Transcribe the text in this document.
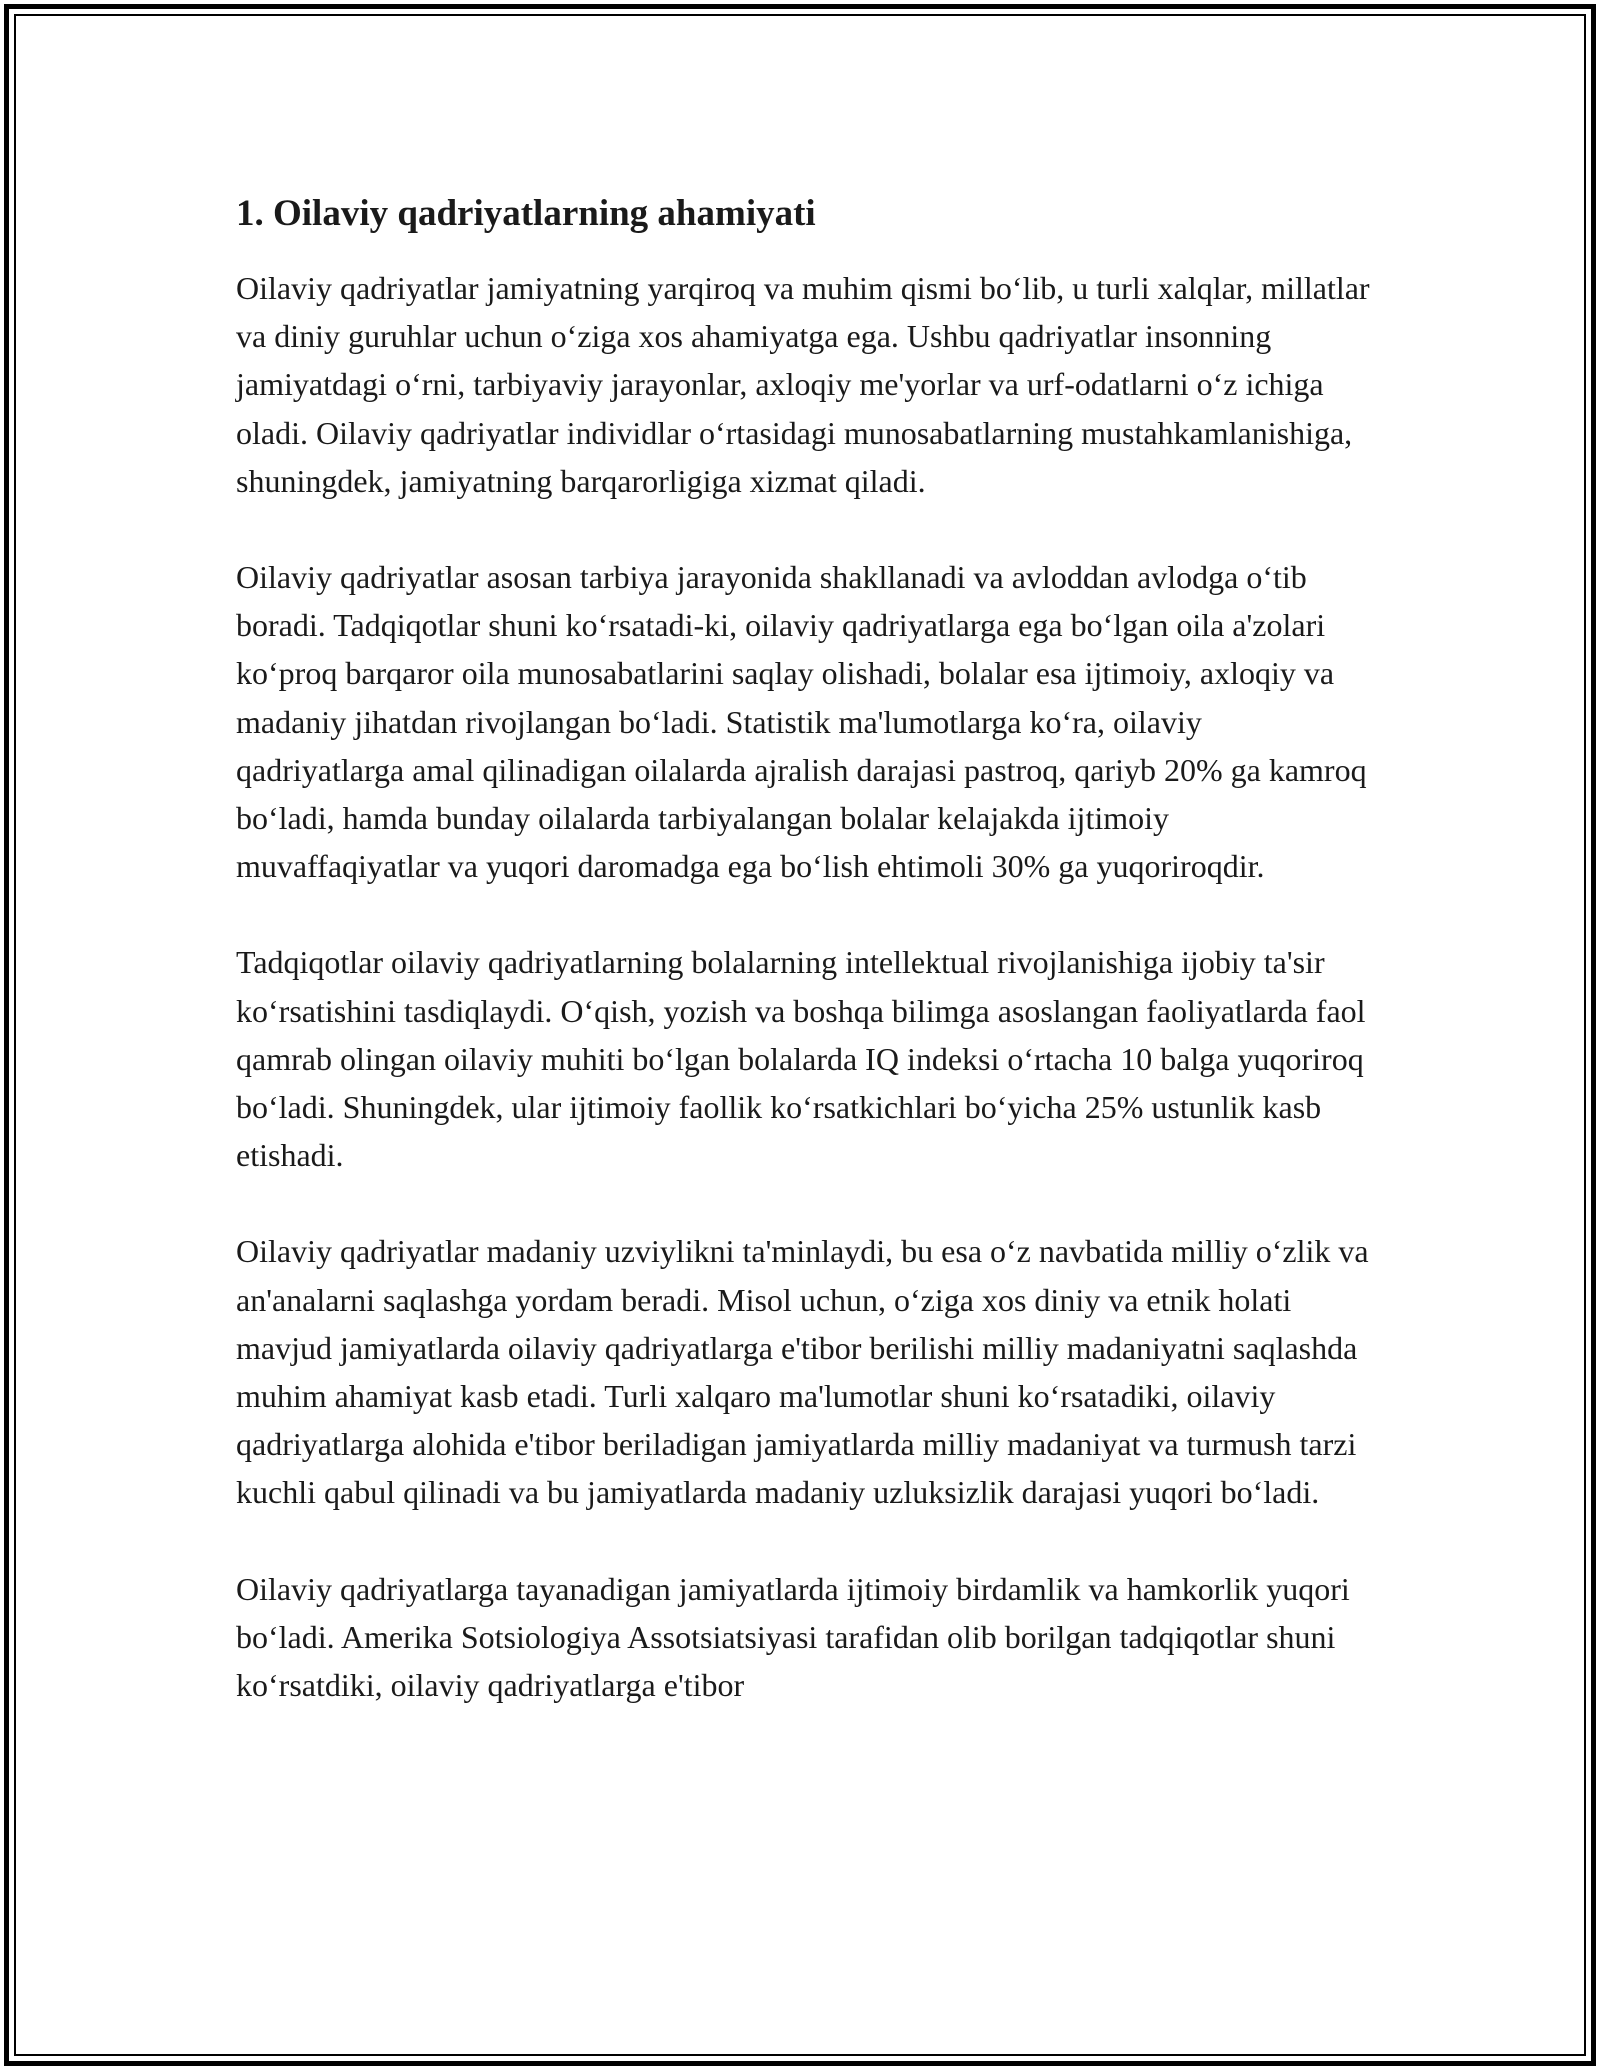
1. Oilaviy qadriyatlarning ahamiyati

Oilaviy qadriyatlar jamiyatning yarqiroq va muhim qismi bo‘lib, u turli xalqlar, millatlar va diniy guruhlar uchun o‘ziga xos ahamiyatga ega. Ushbu qadriyatlar insonning jamiyatdagi o‘rni, tarbiyaviy jarayonlar, axloqiy me'yorlar va urf-odatlarni o‘z ichiga oladi. Oilaviy qadriyatlar individlar o‘rtasidagi munosabatlarning mustahkamlanishiga, shuningdek, jamiyatning barqarorligiga xizmat qiladi.

Oilaviy qadriyatlar asosan tarbiya jarayonida shakllanadi va avloddan avlodga o‘tib boradi. Tadqiqotlar shuni ko‘rsatadi-ki, oilaviy qadriyatlarga ega bo‘lgan oila a'zolari ko‘proq barqaror oila munosabatlarini saqlay olishadi, bolalar esa ijtimoiy, axloqiy va madaniy jihatdan rivojlangan bo‘ladi. Statistik ma'lumotlarga ko‘ra, oilaviy qadriyatlarga amal qilinadigan oilalarda ajralish darajasi pastroq, qariyb 20% ga kamroq bo‘ladi, hamda bunday oilalarda tarbiyalangan bolalar kelajakda ijtimoiy muvaffaqiyatlar va yuqori daromadga ega bo‘lish ehtimoli 30% ga yuqoriroqdir.

Tadqiqotlar oilaviy qadriyatlarning bolalarning intellektual rivojlanishiga ijobiy ta'sir ko‘rsatishini tasdiqlaydi. O‘qish, yozish va boshqa bilimga asoslangan faoliyatlarda faol qamrab olingan oilaviy muhiti bo‘lgan bolalarda IQ indeksi o‘rtacha 10 balga yuqoriroq bo‘ladi. Shuningdek, ular ijtimoiy faollik ko‘rsatkichlari bo‘yicha 25% ustunlik kasb etishadi.

Oilaviy qadriyatlar madaniy uzviylikni ta'minlaydi, bu esa o‘z navbatida milliy o‘zlik va an'analarni saqlashga yordam beradi. Misol uchun, o‘ziga xos diniy va etnik holati mavjud jamiyatlarda oilaviy qadriyatlarga e'tibor berilishi milliy madaniyatni saqlashda muhim ahamiyat kasb etadi. Turli xalqaro ma'lumotlar shuni ko‘rsatadiki, oilaviy qadriyatlarga alohida e'tibor beriladigan jamiyatlarda milliy madaniyat va turmush tarzi kuchli qabul qilinadi va bu jamiyatlarda madaniy uzluksizlik darajasi yuqori bo‘ladi.

Oilaviy qadriyatlarga tayanadigan jamiyatlarda ijtimoiy birdamlik va hamkorlik yuqori bo‘ladi. Amerika Sotsiologiya Assotsiatsiyasi tarafidan olib borilgan tadqiqotlar shuni ko‘rsatdiki, oilaviy qadriyatlarga e'tibor
